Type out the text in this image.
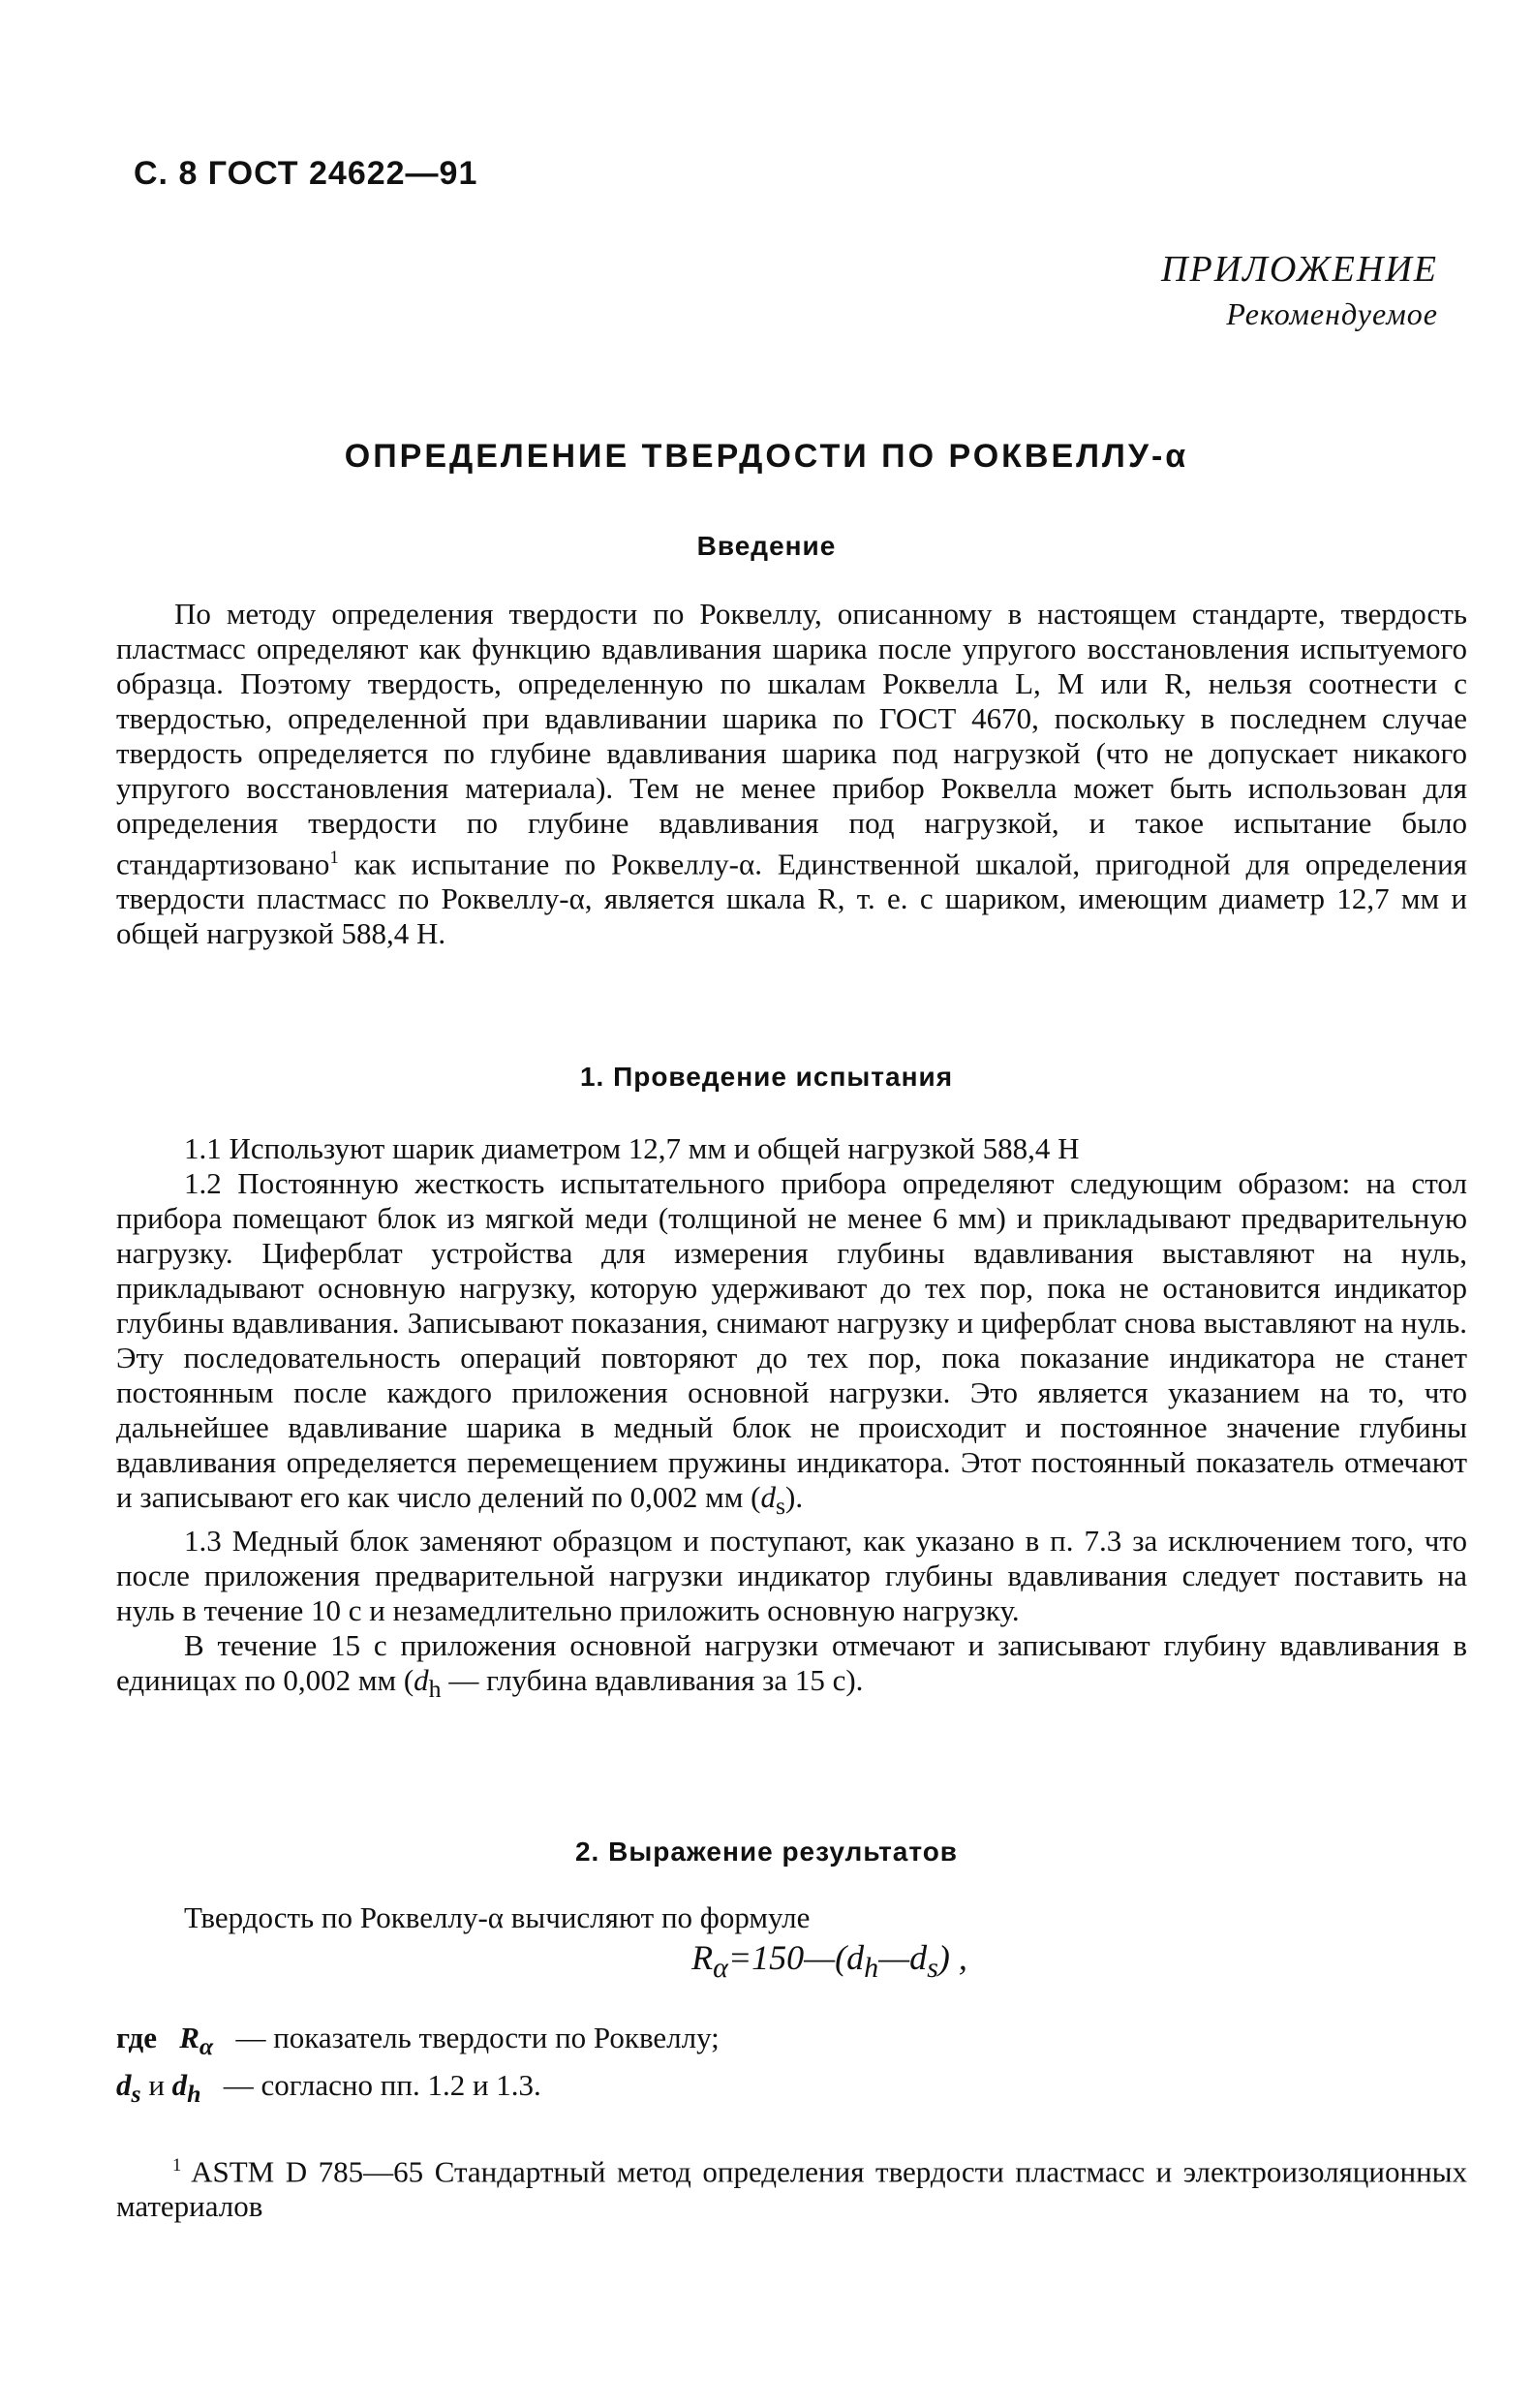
С. 8 ГОСТ 24622—91
ПРИЛОЖЕНИЕ
Рекомендуемое
ОПРЕДЕЛЕНИЕ ТВЕРДОСТИ ПО РОКВЕЛЛУ-α
Введение

По методу определения твердости по Роквеллу, описанному в настоящем стандарте, твердость пластмасс определяют как функцию вдавливания шарика после упругого восстановления испытуемого образца. Поэтому твердость, определенную по шкалам Роквелла L, M или R, нельзя соотнести с твердостью, определенной при вдавливании шарика по ГОСТ 4670, поскольку в последнем случае твердость определяется по глубине вдавливания шарика под нагрузкой (что не допускает никакого упругого восстановления материала). Тем не менее прибор Роквелла может быть использован для определения твердости по глубине вдавливания под нагрузкой, и такое испытание было стандартизовано$^1$ как испытание по Роквеллу-α. Единственной шкалой, пригодной для определения твердости пластмасс по Роквеллу-α, является шкала R, т. е. с шариком, имеющим диаметр 12,7 мм и общей нагрузкой 588,4 Н.

1. Проведение испытания

1.1 Используют шарик диаметром 12,7 мм и общей нагрузкой 588,4 Н

1.2 Постоянную жесткость испытательного прибора определяют следующим образом: на стол прибора помещают блок из мягкой меди (толщиной не менее 6 мм) и прикладывают предварительную нагрузку. Циферблат устройства для измерения глубины вдавливания выставляют на нуль, прикладывают основную нагрузку, которую удерживают до тех пор, пока не остановится индикатор глубины вдавливания. Записывают показания, снимают нагрузку и циферблат снова выставляют на нуль. Эту последовательность операций повторяют до тех пор, пока показание индикатора не станет постоянным после каждого приложения основной нагрузки. Это является указанием на то, что дальнейшее вдавливание шарика в медный блок не происходит и постоянное значение глубины вдавливания определяется перемещением пружины индикатора. Этот постоянный показатель отмечают и записывают его как число делений по 0,002 мм $(d_s)$.

1.3 Медный блок заменяют образцом и поступают, как указано в п. 7.3 за исключением того, что после приложения предварительной нагрузки индикатор глубины вдавливания следует поставить на нуль в течение 10 с и незамедлительно приложить основную нагрузку.

В течение 15 с приложения основной нагрузки отмечают и записывают глубину вдавливания в единицах по 0,002 мм ($d_h$ — глубина вдавливания за 15 с).

2. Выражение результатов

Твердость по Роквеллу-α вычисляют по формуле

$R_\alpha=150—(d_h—d_s)$ ,
где $R_\alpha$   — показатель твердости по Роквеллу;
$d_s$ и $d_h$   — согласно пп. 1.2 и 1.3.

$^1$ ASTM D 785—65 Стандартный метод определения твердости пластмасс и электроизоляционных материалов
